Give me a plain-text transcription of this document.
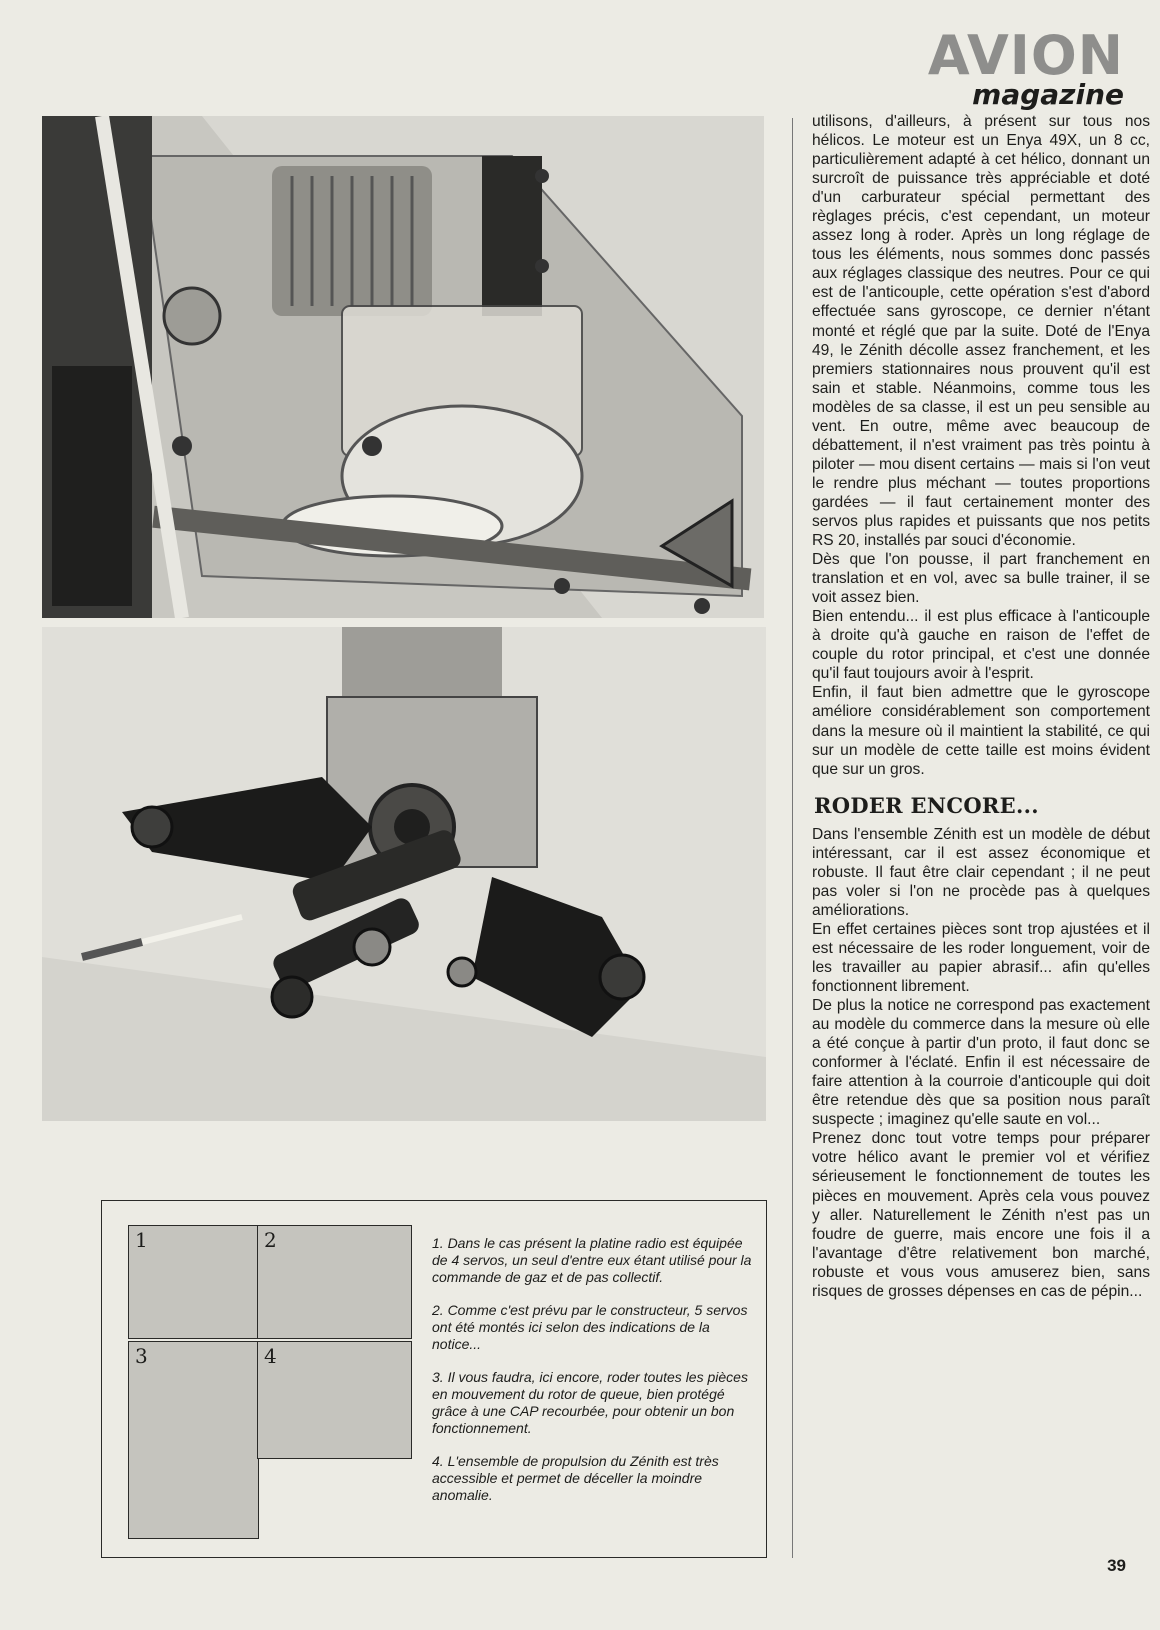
AVION
magazine

utilisons, d'ailleurs, à présent sur tous nos hélicos. Le moteur est un Enya 49X, un 8 cc, particulièrement adapté à cet hélico, donnant un surcroît de puissance très appréciable et doté d'un carburateur spécial permettant des règlages précis, c'est cependant, un moteur assez long à roder. Après un long réglage de tous les éléments, nous sommes donc passés aux réglages classique des neutres. Pour ce qui est de l'anticouple, cette opération s'est d'abord effectuée sans gyroscope, ce dernier n'étant monté et réglé que par la suite. Doté de l'Enya 49, le Zénith décolle assez franchement, et les premiers stationnaires nous prouvent qu'il est sain et stable. Néanmoins, comme tous les modèles de sa classe, il est un peu sensible au vent. En outre, même avec beaucoup de débattement, il n'est vraiment pas très pointu à piloter — mou disent certains — mais si l'on veut le rendre plus méchant — toutes proportions gardées — il faut certainement monter des servos plus rapides et puissants que nos petits RS 20, installés par souci d'économie.

Dès que l'on pousse, il part franchement en translation et en vol, avec sa bulle trainer, il se voit assez bien.

Bien entendu... il est plus efficace à l'anticouple à droite qu'à gauche en raison de l'effet de couple du rotor principal, et c'est une donnée qu'il faut toujours avoir à l'esprit.

Enfin, il faut bien admettre que le gyroscope améliore considérablement son comportement dans la mesure où il maintient la stabilité, ce qui sur un modèle de cette taille est moins évident que sur un gros.

RODER ENCORE...

Dans l'ensemble Zénith est un modèle de début intéressant, car il est assez économique et robuste. Il faut être clair cependant ; il ne peut pas voler si l'on ne procède pas à quelques améliorations.

En effet certaines pièces sont trop ajustées et il est nécessaire de les roder longuement, voir de les travailler au papier abrasif... afin qu'elles fonctionnent librement.

De plus la notice ne correspond pas exactement au modèle du commerce dans la mesure où elle a été conçue à partir d'un proto, il faut donc se conformer à l'éclaté. Enfin il est nécessaire de faire attention à la courroie d'anticouple qui doit être retendue dès que sa position nous paraît suspecte ; imaginez qu'elle saute en vol...

Prenez donc tout votre temps pour préparer votre hélico avant le premier vol et vérifiez sérieusement le fonctionnement de toutes les pièces en mouvement. Après cela vous pouvez y aller. Naturellement le Zénith n'est pas un foudre de guerre, mais encore une fois il a l'avantage d'être relativement bon marché, robuste et vous vous amuserez bien, sans risques de grosses dépenses en cas de pépin...

1	2
3	4

1. Dans le cas présent la platine radio est équipée de 4 servos, un seul d'entre eux étant utilisé pour la commande de gaz et de pas collectif.

2. Comme c'est prévu par le constructeur, 5 servos ont été montés ici selon des indications de la notice...

3. Il vous faudra, ici encore, roder toutes les pièces en mouvement du rotor de queue, bien protégé grâce à une CAP recourbée, pour obtenir un bon fonctionnement.

4. L'ensemble de propulsion du Zénith est très accessible et permet de déceller la moindre anomalie.

39
